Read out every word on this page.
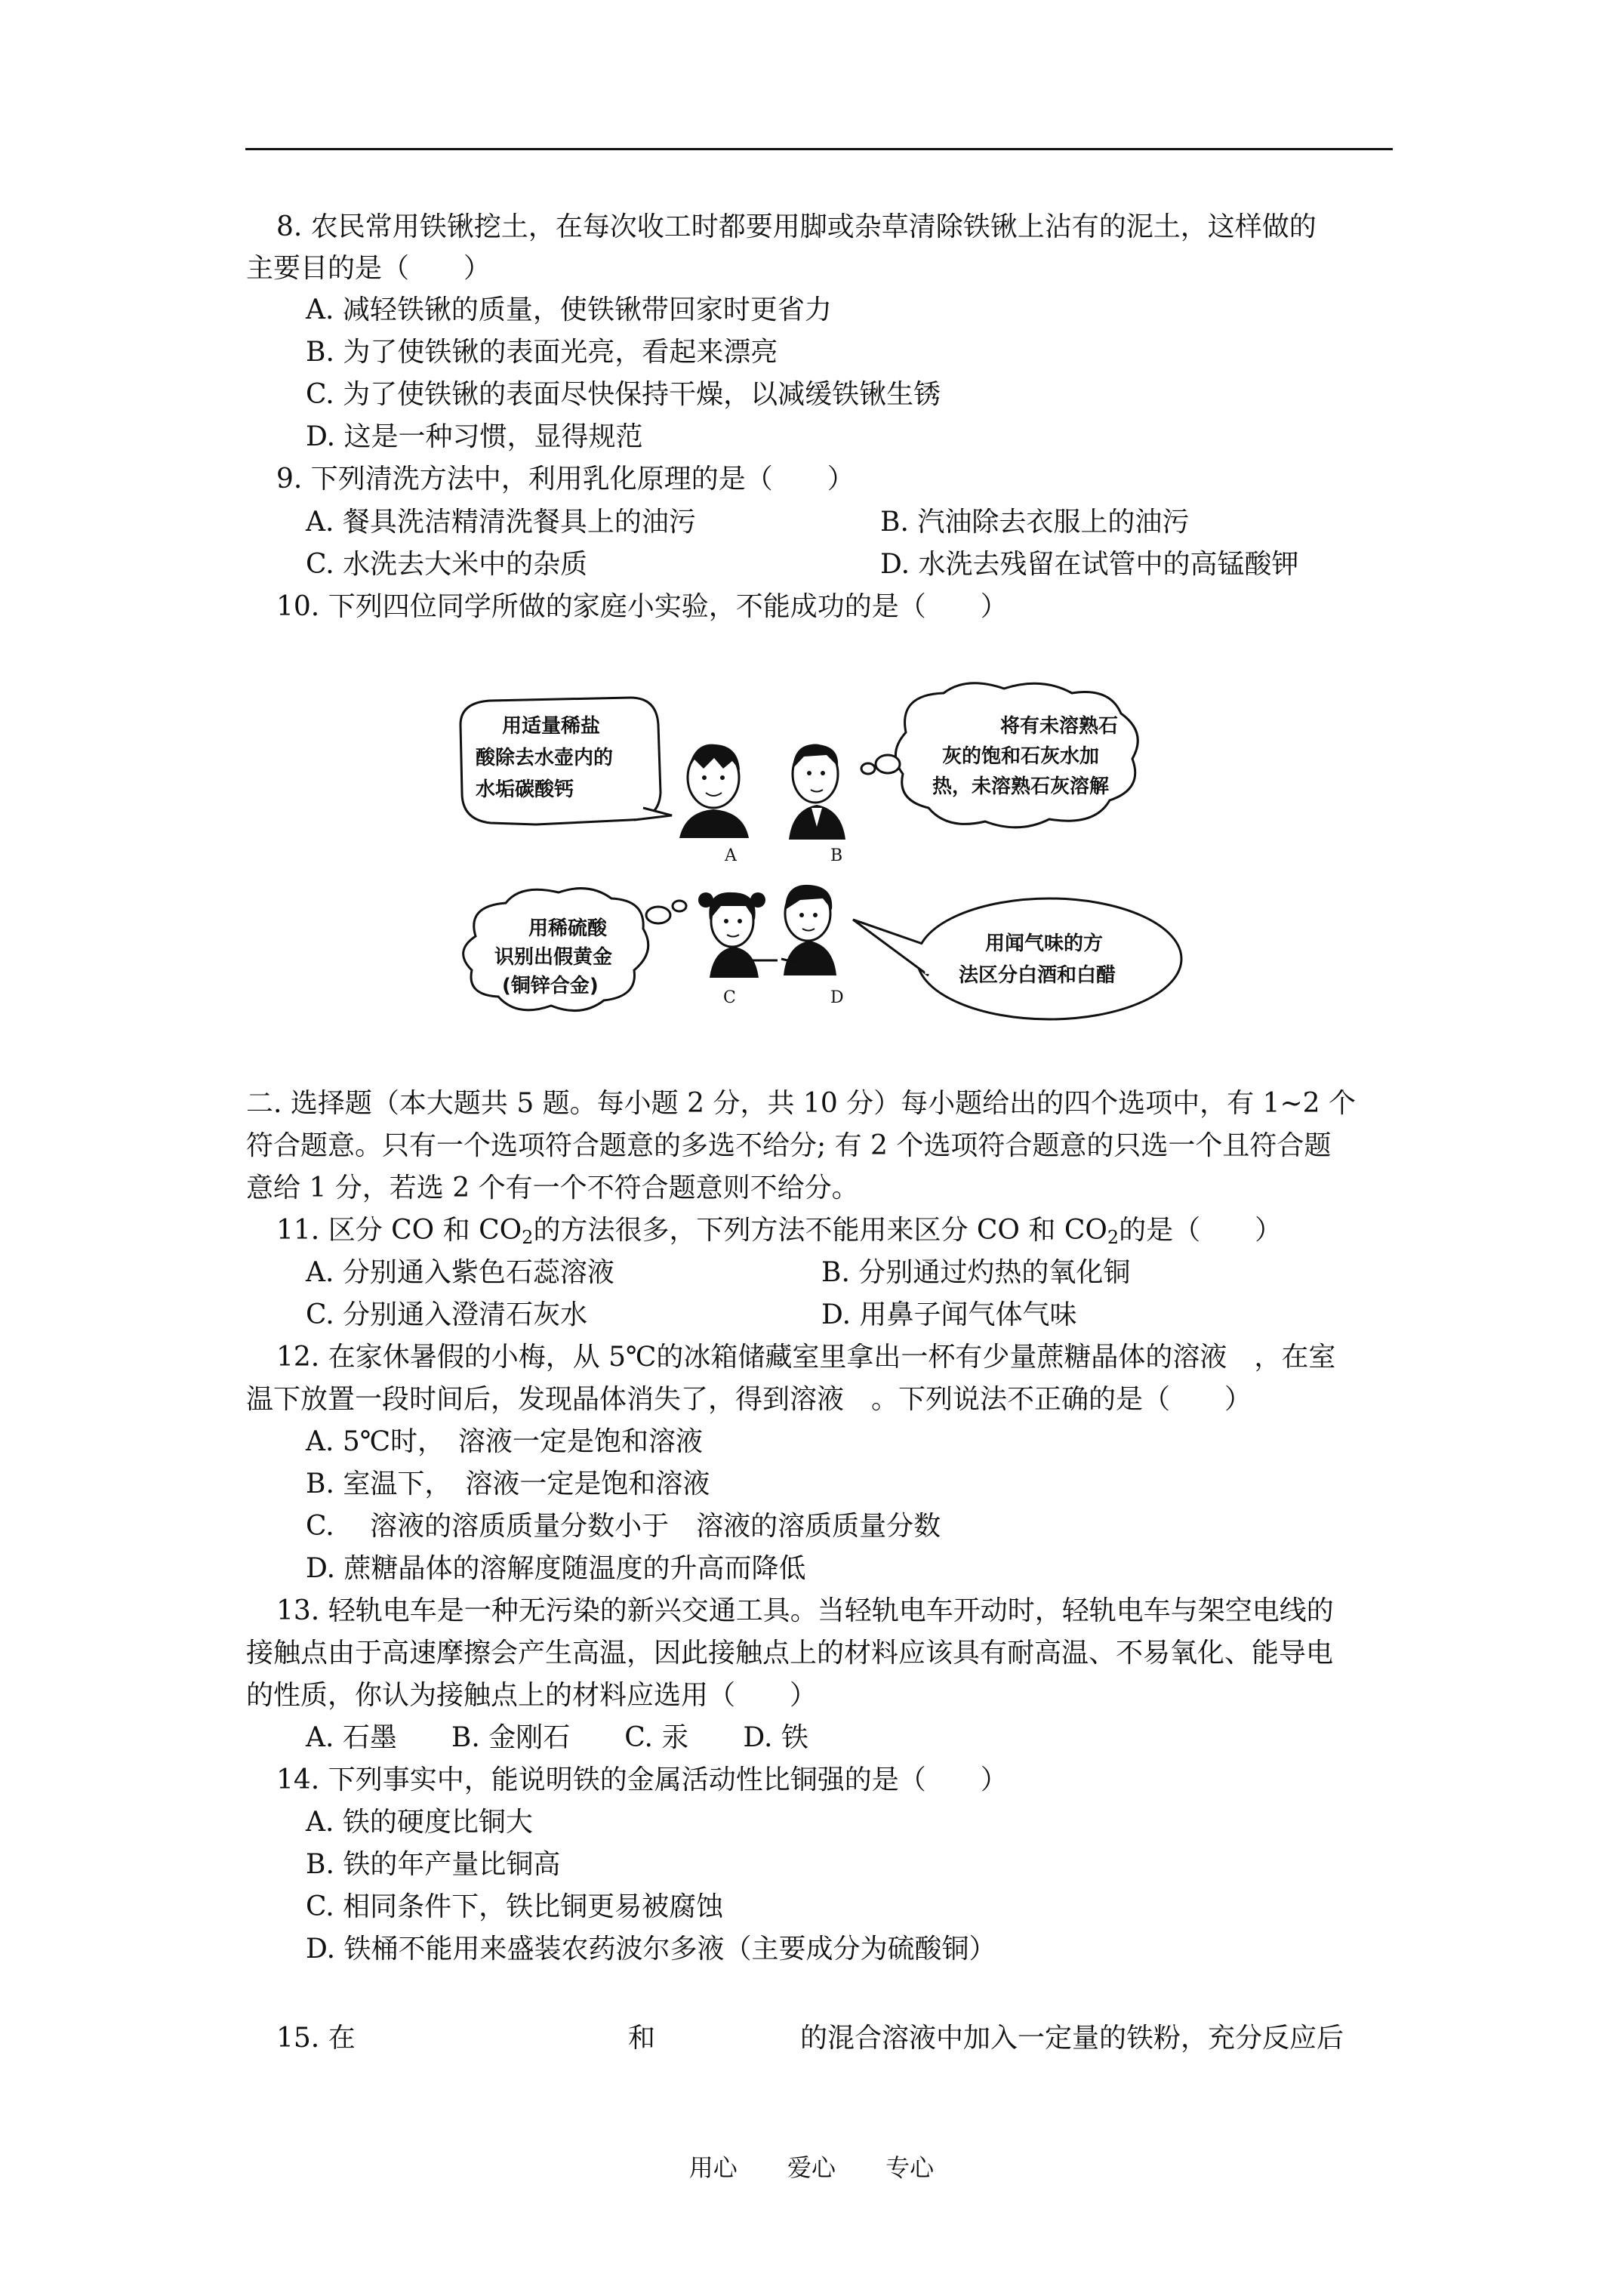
8. 农民常用铁锹挖土，在每次收工时都要用脚或杂草清除铁锹上沾有的泥土，这样做的
主要目的是（　　）
A. 减轻铁锹的质量，使铁锹带回家时更省力
B. 为了使铁锹的表面光亮，看起来漂亮
C. 为了使铁锹的表面尽快保持干燥，以减缓铁锹生锈
D. 这是一种习惯，显得规范
9. 下列清洗方法中，利用乳化原理的是（　　）
A. 餐具洗洁精清洗餐具上的油污	B. 汽油除去衣服上的油污
C. 水洗去大米中的杂质	D. 水洗去残留在试管中的高锰酸钾
10. 下列四位同学所做的家庭小实验，不能成功的是（　　）
用适量稀盐
酸除去水壶内的
水垢碳酸钙
A	B
将有未溶熟石
灰的饱和石灰水加
热，未溶熟石灰溶解
用稀硫酸
识别出假黄金
(铜锌合金)
C	D
用闻气味的方
法区分白酒和白醋
二. 选择题（本大题共 5 题。每小题 2 分，共 10 分）每小题给出的四个选项中，有 1~2 个
符合题意。只有一个选项符合题意的多选不给分; 有 2 个选项符合题意的只选一个且符合题
意给 1 分，若选 2 个有一个不符合题意则不给分。
11. 区分 CO 和 $CO_2$的方法很多，下列方法不能用来区分 CO 和 $CO_2$的是（　　）
A. 分别通入紫色石蕊溶液	B. 分别通过灼热的氧化铜
C. 分别通入澄清石灰水	D. 用鼻子闻气体气味
12. 在家休暑假的小梅，从 5℃的冰箱储藏室里拿出一杯有少量蔗糖晶体的溶液　，在室
温下放置一段时间后，发现晶体消失了，得到溶液　。下列说法不正确的是（　　）
A. 5℃时，　溶液一定是饱和溶液
B. 室温下，　溶液一定是饱和溶液
C. 　溶液的溶质质量分数小于　溶液的溶质质量分数
D. 蔗糖晶体的溶解度随温度的升高而降低
13. 轻轨电车是一种无污染的新兴交通工具。当轻轨电车开动时，轻轨电车与架空电线的
接触点由于高速摩擦会产生高温，因此接触点上的材料应该具有耐高温、不易氧化、能导电
的性质，你认为接触点上的材料应选用（　　）
A. 石墨　　B. 金刚石　　C. 汞　　D. 铁
14. 下列事实中，能说明铁的金属活动性比铜强的是（　　）
A. 铁的硬度比铜大
B. 铁的年产量比铜高
C. 相同条件下，铁比铜更易被腐蚀
D. 铁桶不能用来盛装农药波尔多液（主要成分为硫酸铜）
15. 在	和	的混合溶液中加入一定量的铁粉，充分反应后
用心 爱心 专心
